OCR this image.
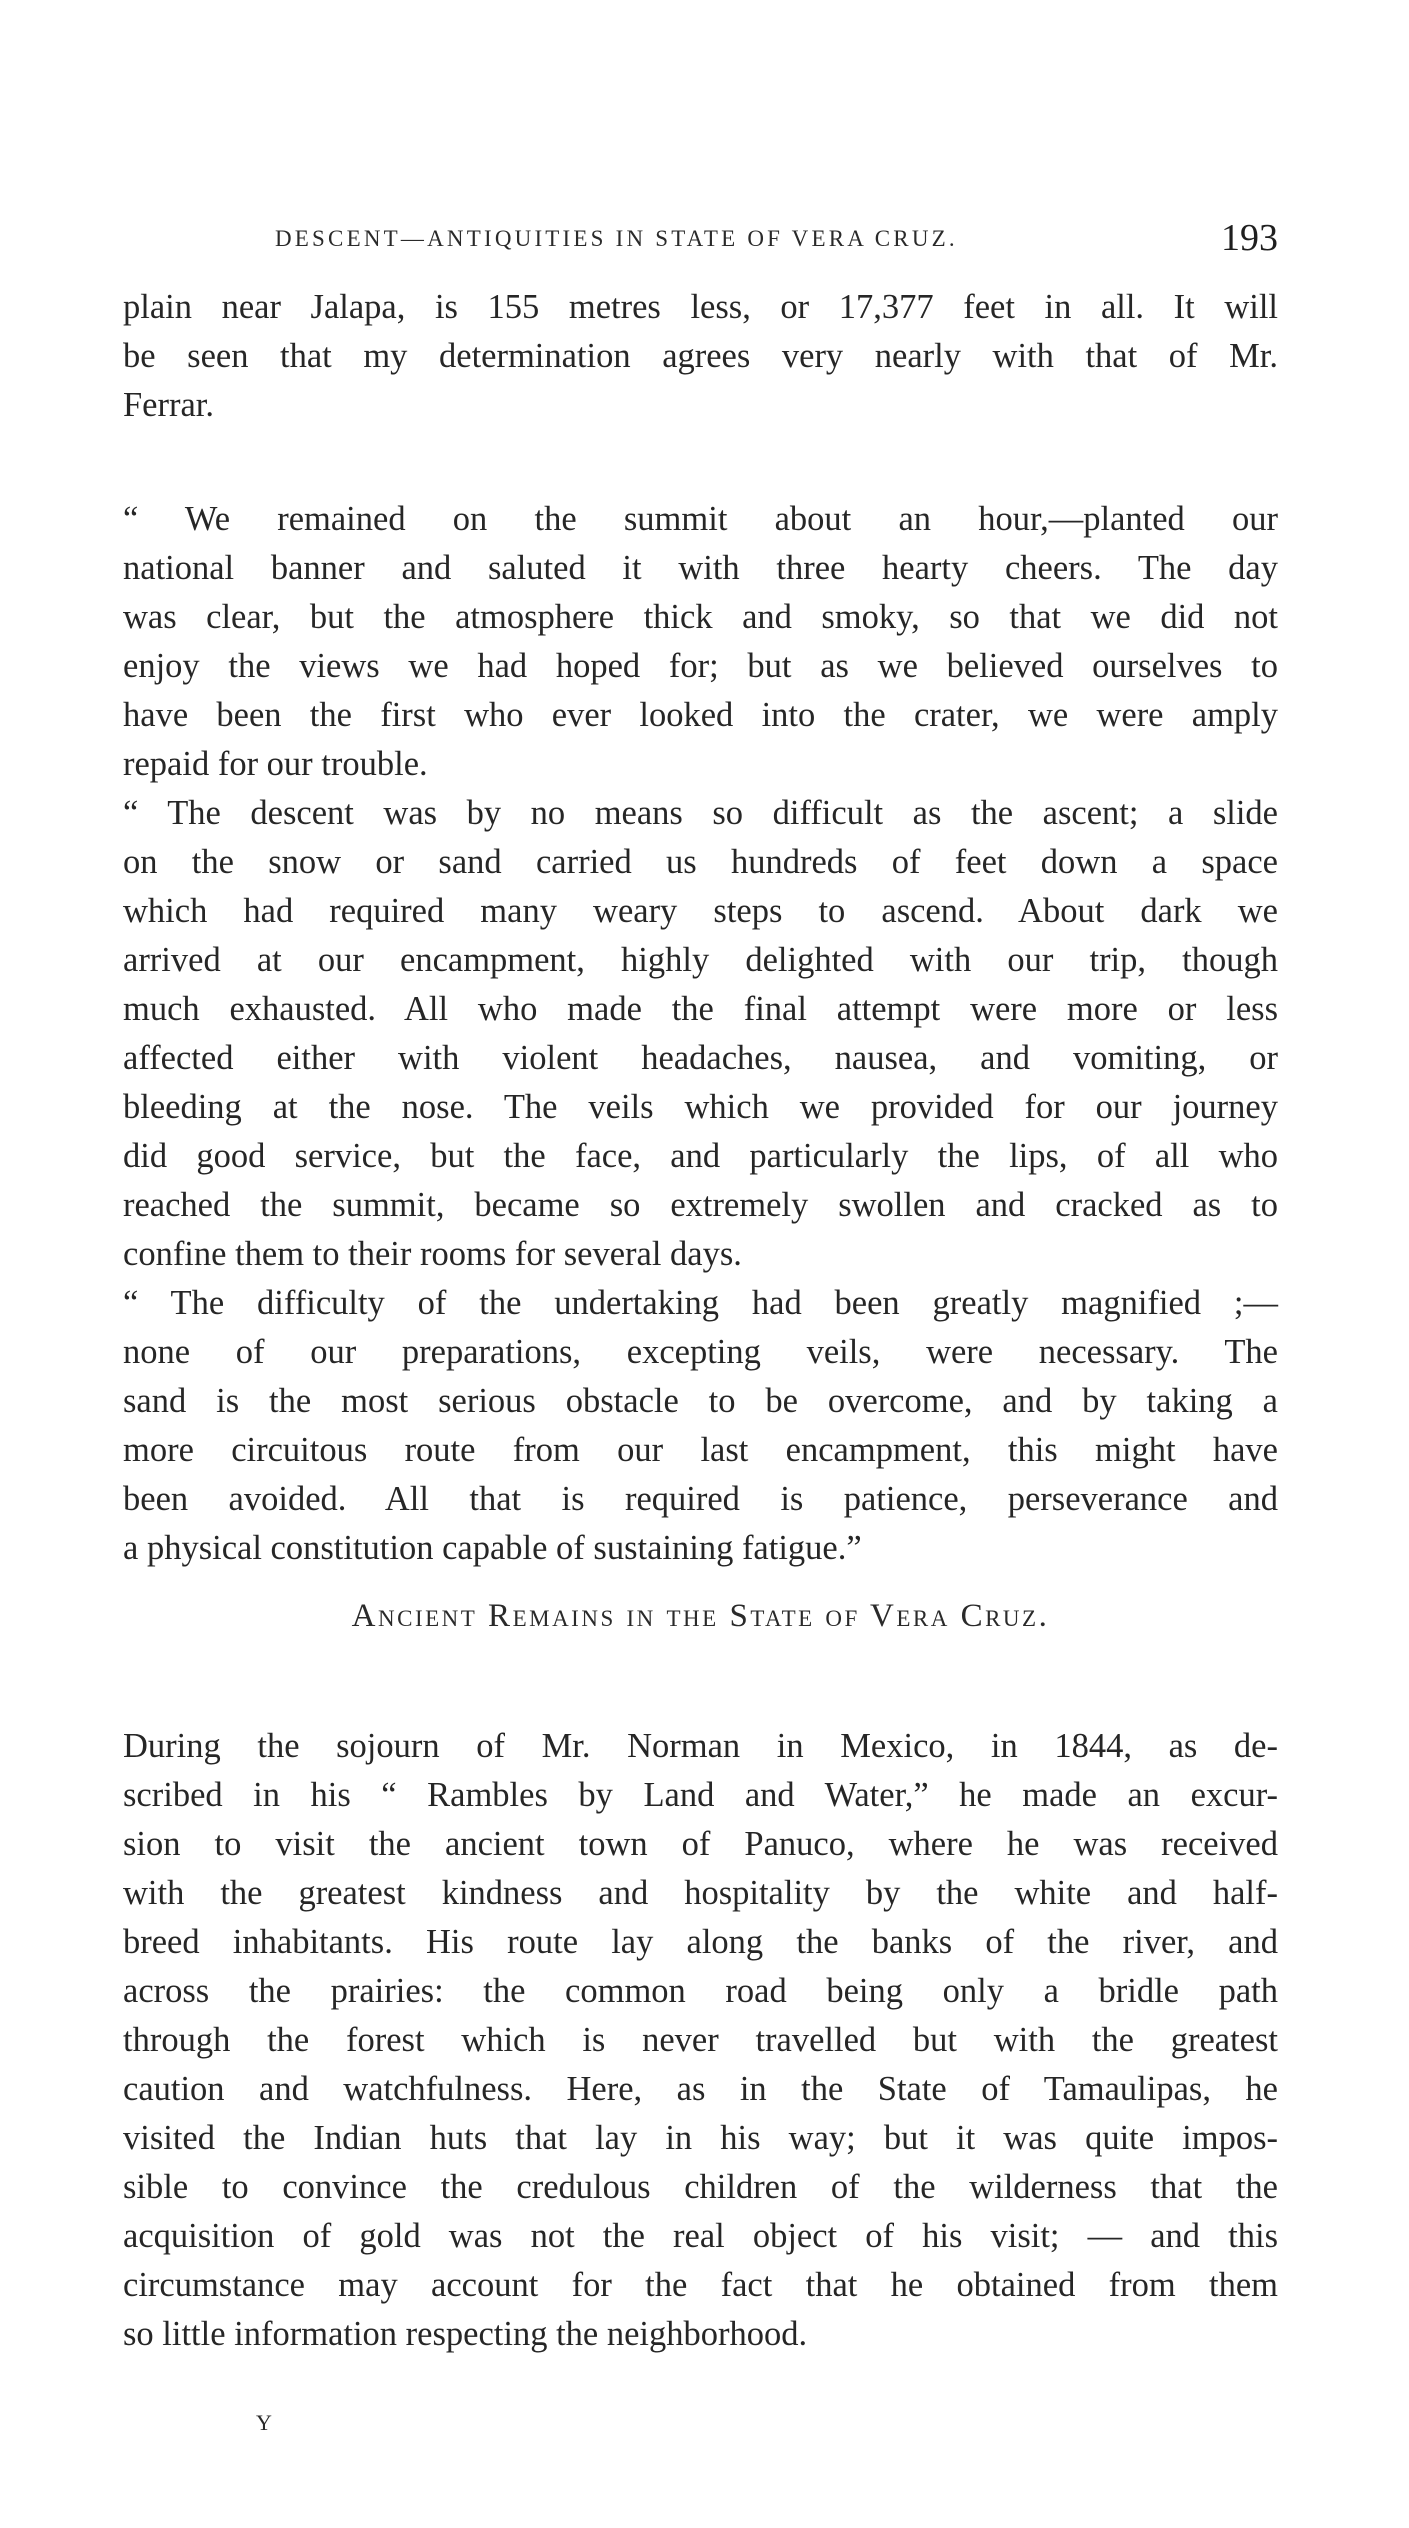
DESCENT—ANTIQUITIES IN STATE OF VERA CRUZ.	193
plain near Jalapa, is 155 metres less, or 17,377 feet in all. It will
be seen that my determination agrees very nearly with that of Mr.
Ferrar.
“ We remained on the summit about an hour,—planted our
national banner and saluted it with three hearty cheers. The day
was clear, but the atmosphere thick and smoky, so that we did not
enjoy the views we had hoped for; but as we believed ourselves to
have been the first who ever looked into the crater, we were amply
repaid for our trouble.
“ The descent was by no means so difficult as the ascent; a slide
on the snow or sand carried us hundreds of feet down a space
which had required many weary steps to ascend. About dark we
arrived at our encampment, highly delighted with our trip, though
much exhausted. All who made the final attempt were more or less
affected either with violent headaches, nausea, and vomiting, or
bleeding at the nose. The veils which we provided for our journey
did good service, but the face, and particularly the lips, of all who
reached the summit, became so extremely swollen and cracked as to
confine them to their rooms for several days.
“ The difficulty of the undertaking had been greatly magnified ;—
none of our preparations, excepting veils, were necessary. The
sand is the most serious obstacle to be overcome, and by taking a
more circuitous route from our last encampment, this might have
been avoided. All that is required is patience, perseverance and
a physical constitution capable of sustaining fatigue.”
Ancient Remains in the State of Vera Cruz.
During the sojourn of Mr. Norman in Mexico, in 1844, as de-
scribed in his “ Rambles by Land and Water,” he made an excur-
sion to visit the ancient town of Panuco, where he was received
with the greatest kindness and hospitality by the white and half-
breed inhabitants. His route lay along the banks of the river, and
across the prairies: the common road being only a bridle path
through the forest which is never travelled but with the greatest
caution and watchfulness. Here, as in the State of Tamaulipas, he
visited the Indian huts that lay in his way; but it was quite impos-
sible to convince the credulous children of the wilderness that the
acquisition of gold was not the real object of his visit; — and this
circumstance may account for the fact that he obtained from them
so little information respecting the neighborhood.
Y
